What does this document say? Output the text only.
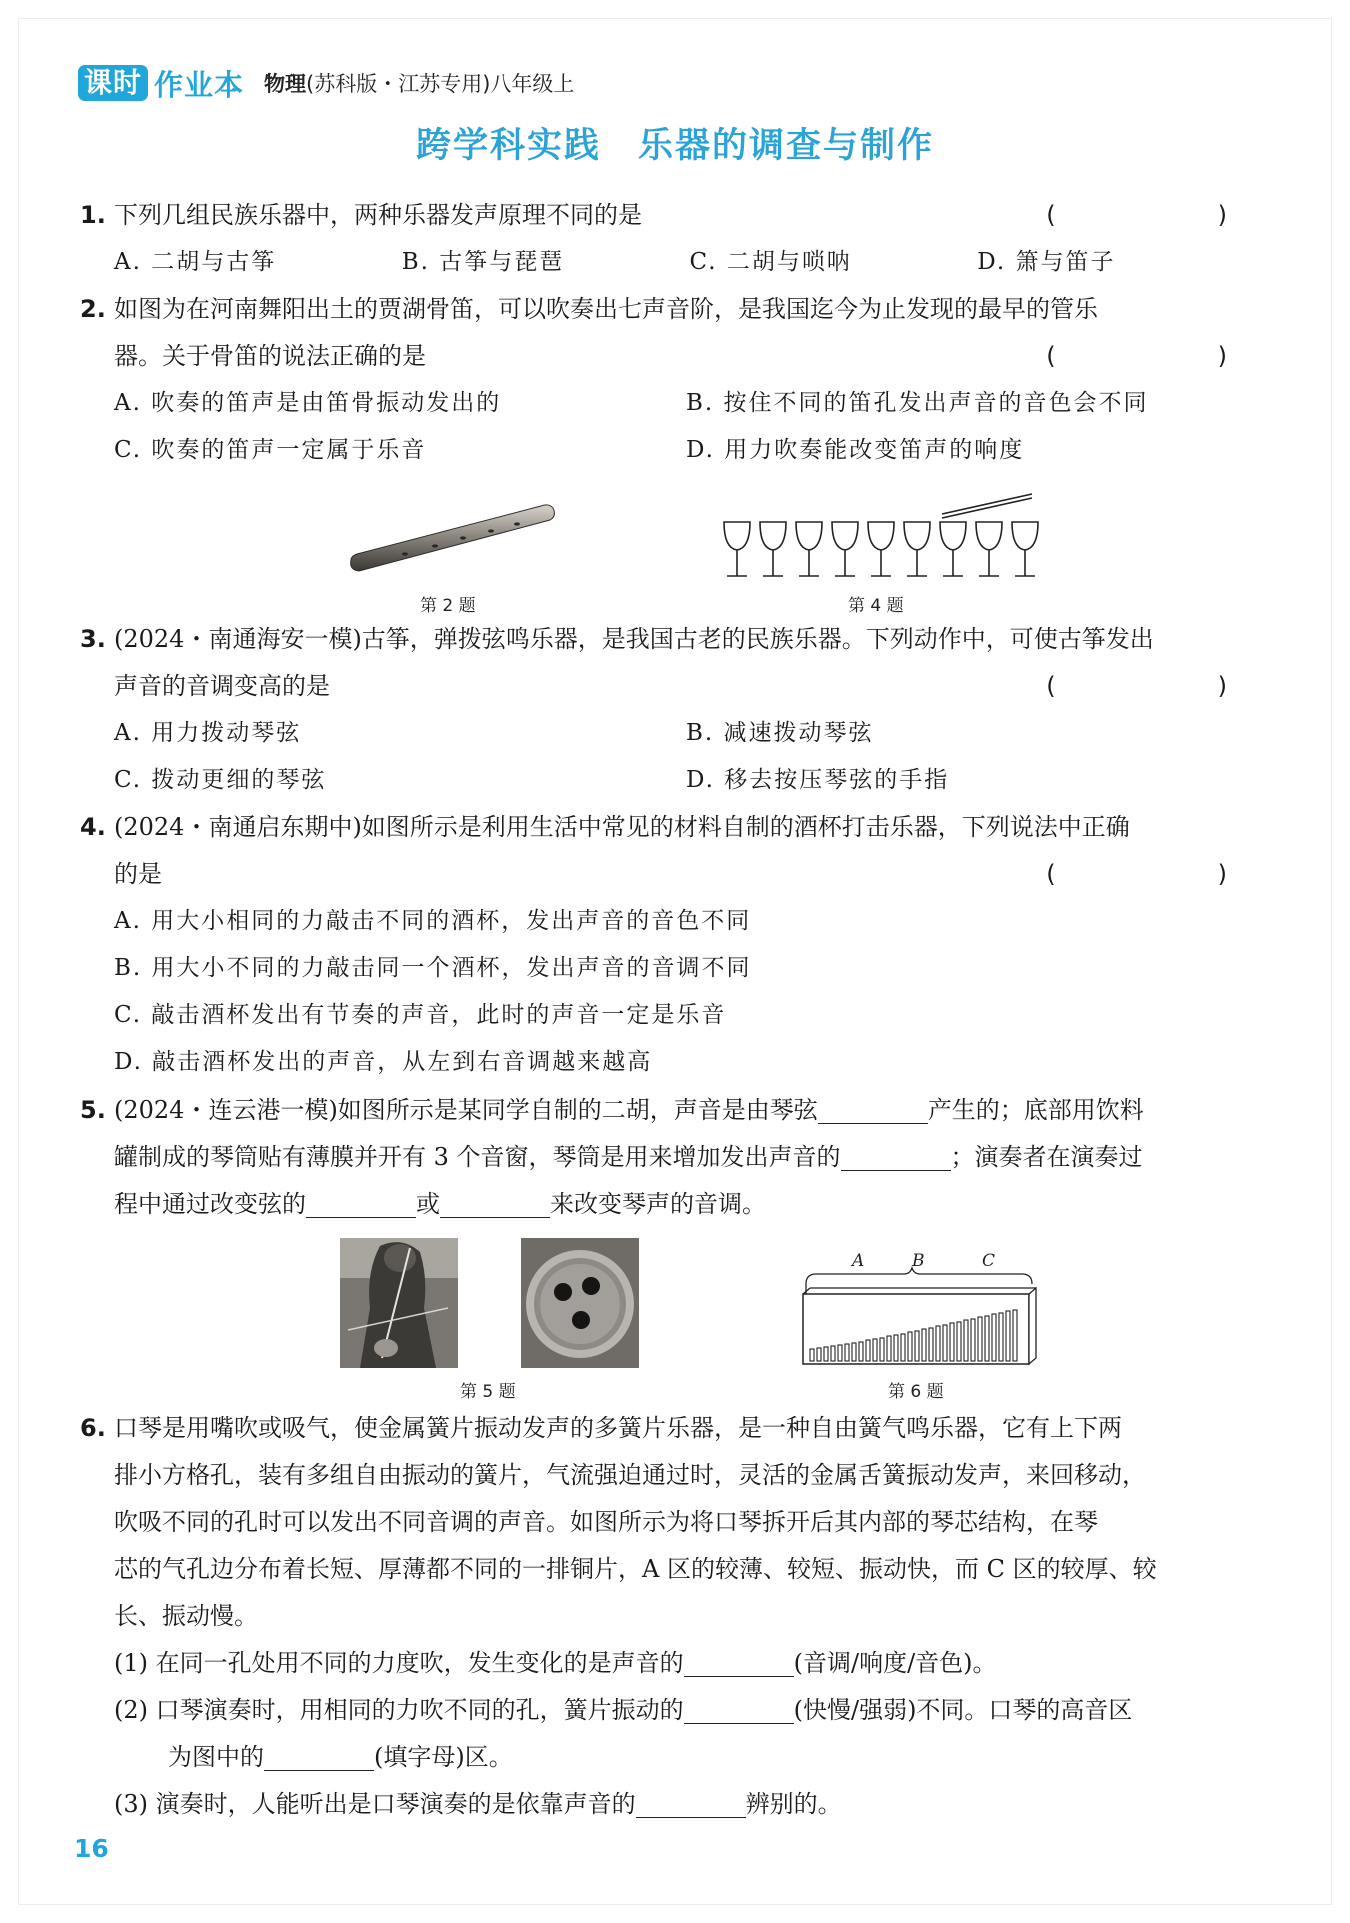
课时 作业本 物理(苏科版・江苏专用)八年级上
跨学科实践　乐器的调查与制作
1. 下列几组民族乐器中，两种乐器发声原理不同的是	(　　)
A. 二胡与古筝	B. 古筝与琵琶	C. 二胡与唢呐	D. 箫与笛子
2. 如图为在河南舞阳出土的贾湖骨笛，可以吹奏出七声音阶，是我国迄今为止发现的最早的管乐
器。关于骨笛的说法正确的是	(　　)
A. 吹奏的笛声是由笛骨振动发出的	B. 按住不同的笛孔发出声音的音色会不同
C. 吹奏的笛声一定属于乐音	D. 用力吹奏能改变笛声的响度
第 2 题	第 4 题
3. (2024・南通海安一模)古筝，弹拨弦鸣乐器，是我国古老的民族乐器。下列动作中，可使古筝发出
声音的音调变高的是	(　　)
A. 用力拨动琴弦	B. 减速拨动琴弦
C. 拨动更细的琴弦	D. 移去按压琴弦的手指
4. (2024・南通启东期中)如图所示是利用生活中常见的材料自制的酒杯打击乐器，下列说法中正确
的是	(　　)
A. 用大小相同的力敲击不同的酒杯，发出声音的音色不同
B. 用大小不同的力敲击同一个酒杯，发出声音的音调不同
C. 敲击酒杯发出有节奏的声音，此时的声音一定是乐音
D. 敲击酒杯发出的声音，从左到右音调越来越高
5. (2024・连云港一模)如图所示是某同学自制的二胡，声音是由琴弦	产生的；底部用饮料
罐制成的琴筒贴有薄膜并开有 3 个音窗，琴筒是用来增加发出声音的	；演奏者在演奏过
程中通过改变弦的	或	来改变琴声的音调。
第 5 题
A	B	C
第 6 题
6. 口琴是用嘴吹或吸气，使金属簧片振动发声的多簧片乐器，是一种自由簧气鸣乐器，它有上下两
排小方格孔，装有多组自由振动的簧片，气流强迫通过时，灵活的金属舌簧振动发声，来回移动，
吹吸不同的孔时可以发出不同音调的声音。如图所示为将口琴拆开后其内部的琴芯结构，在琴
芯的气孔边分布着长短、厚薄都不同的一排铜片，A 区的较薄、较短、振动快，而 C 区的较厚、较
长、振动慢。
(1) 在同一孔处用不同的力度吹，发生变化的是声音的	(音调/响度/音色)。
(2) 口琴演奏时，用相同的力吹不同的孔，簧片振动的	(快慢/强弱)不同。口琴的高音区
为图中的	(填字母)区。
(3) 演奏时，人能听出是口琴演奏的是依靠声音的	辨别的。
16
